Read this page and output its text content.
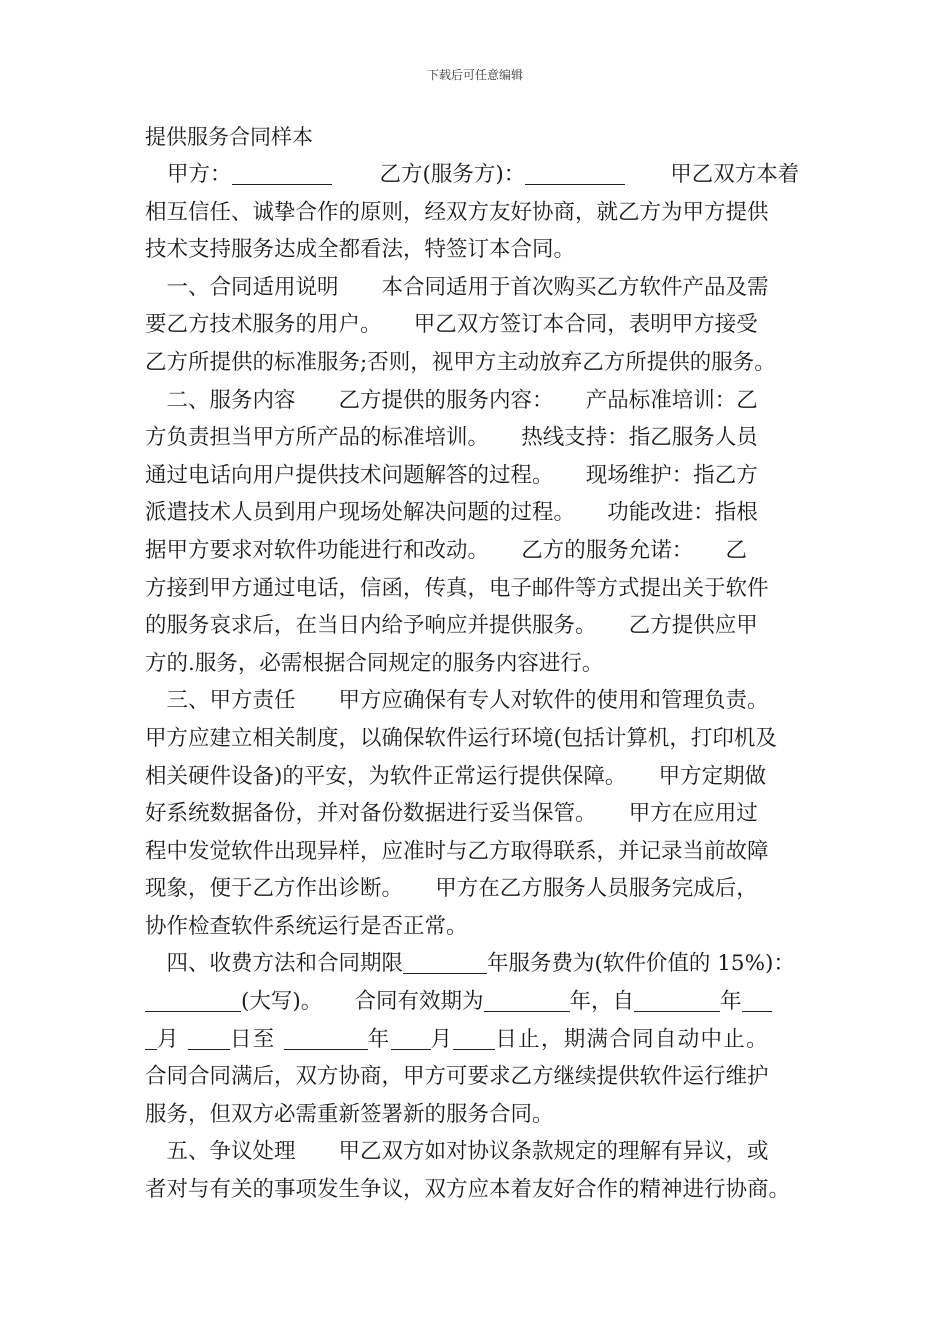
下载后可任意编辑
提供服务合同样本
甲方：	乙方(服务方)：	甲乙双方本着
相互信任、诚挚合作的原则，经双方友好协商，就乙方为甲方提供
技术支持服务达成全都看法，特签订本合同。
　一、合同适用说明　　本合同适用于首次购买乙方软件产品及需
要乙方技术服务的用户。　　甲乙双方签订本合同，表明甲方接受
乙方所提供的标准服务;否则，视甲方主动放弃乙方所提供的服务。
　二、服务内容　　乙方提供的服务内容：　　产品标准培训：乙
方负责担当甲方所产品的标准培训。　　热线支持：指乙服务人员
通过电话向用户提供技术问题解答的过程。　　现场维护：指乙方
派遣技术人员到用户现场处解决问题的过程。　　功能改进：指根
据甲方要求对软件功能进行和改动。　　乙方的服务允诺：　　乙
方接到甲方通过电话，信函，传真，电子邮件等方式提出关于软件
的服务哀求后，在当日内给予响应并提供服务。　　乙方提供应甲
方的.服务，必需根据合同规定的服务内容进行。
　三、甲方责任　　甲方应确保有专人对软件的使用和管理负责。
甲方应建立相关制度，以确保软件运行环境(包括计算机，打印机及
相关硬件设备)的平安，为软件正常运行提供保障。　　甲方定期做
好系统数据备份，并对备份数据进行妥当保管。　　甲方在应用过
程中发觉软件出现异样，应准时与乙方取得联系，并记录当前故障
现象，便于乙方作出诊断。　　甲方在乙方服务人员服务完成后，
协作检查软件系统运行是否正常。
　四、收费方法和合同期限	年服务费为(软件价值的 15%)：
(大写)。　　合同有效期为	年，自	年
月 日至	年 月 日止，期满合同自动中止。
合同合同满后，双方协商，甲方可要求乙方继续提供软件运行维护
服务，但双方必需重新签署新的服务合同。
　五、争议处理　　甲乙双方如对协议条款规定的理解有异议，或
者对与有关的事项发生争议，双方应本着友好合作的精神进行协商。
